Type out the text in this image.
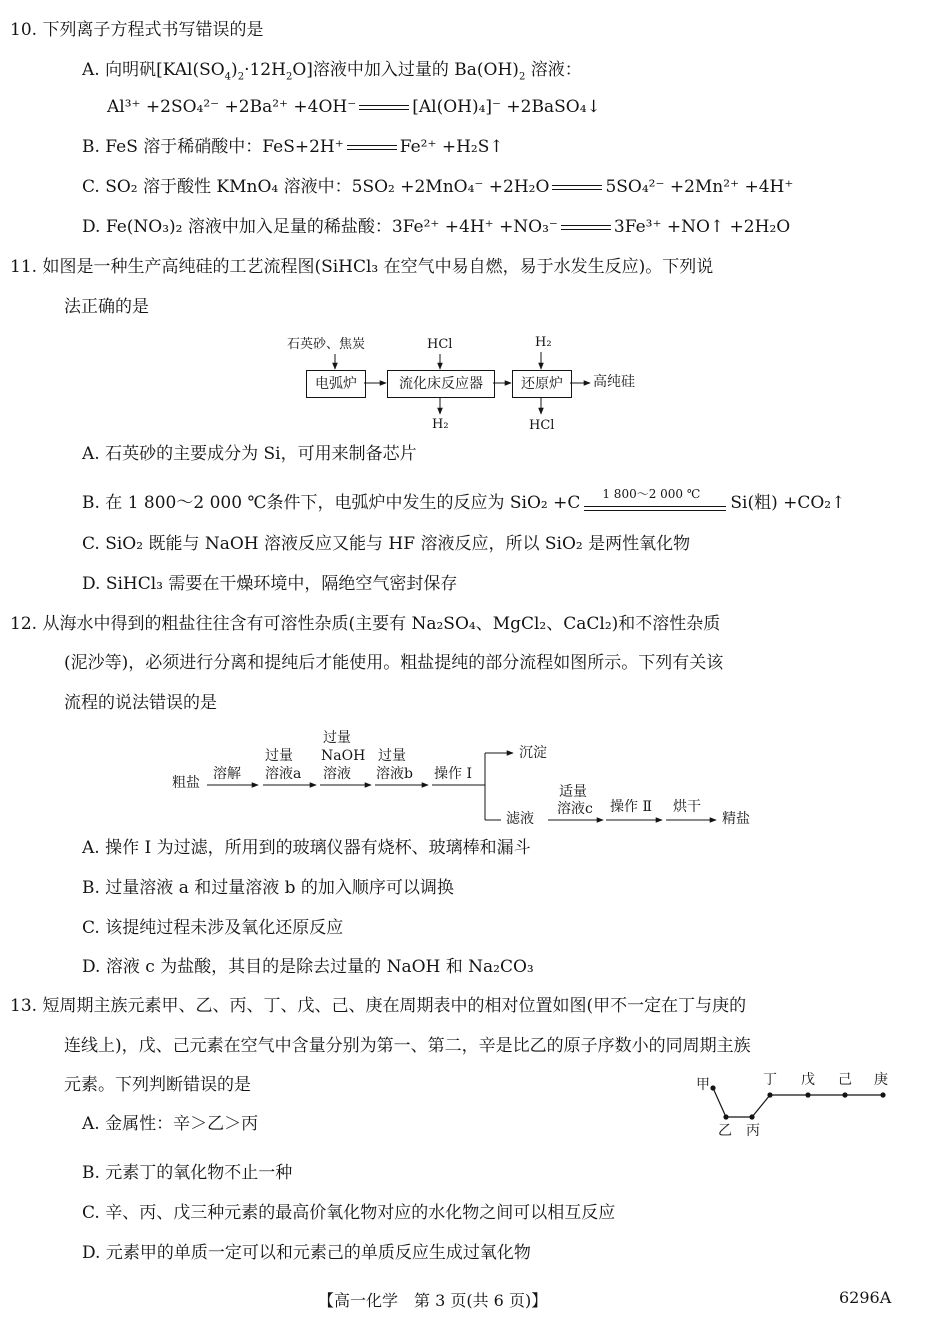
10. 下列离子方程式书写错误的是
A. 向明矾$[KAl(SO_4)_2\cdot 12H_2O]$溶液中加入过量的 $Ba(OH)_2$ 溶液：
Al³⁺ +2SO₄²⁻ +2Ba²⁺ +4OH⁻	[Al(OH)₄]⁻ +2BaSO₄↓
B. FeS 溶于稀硝酸中：FeS+2H⁺	Fe²⁺ +H₂S↑
C. SO₂ 溶于酸性 KMnO₄ 溶液中：5SO₂ +2MnO₄⁻ +2H₂O	5SO₄²⁻ +2Mn²⁺ +4H⁺
D. Fe(NO₃)₂ 溶液中加入足量的稀盐酸：3Fe²⁺ +4H⁺ +NO₃⁻	3Fe³⁺ +NO↑ +2H₂O
11. 如图是一种生产高纯硅的工艺流程图(SiHCl₃ 在空气中易自燃，易于水发生反应)。下列说
法正确的是
石英砂、焦炭	HCl	H₂
电弧炉	流化床反应器	还原炉	高纯硅
H₂	HCl
A. 石英砂的主要成分为 Si，可用来制备芯片
B. 在 1 800～2 000 ℃条件下，电弧炉中发生的反应为 SiO₂ +C 1 800～2 000 ℃ Si(粗) +CO₂↑
C. SiO₂ 既能与 NaOH 溶液反应又能与 HF 溶液反应，所以 SiO₂ 是两性氧化物
D. SiHCl₃ 需要在干燥环境中，隔绝空气密封保存
12. 从海水中得到的粗盐往往含有可溶性杂质(主要有 Na₂SO₄、MgCl₂、CaCl₂)和不溶性杂质
(泥沙等)，必须进行分离和提纯后才能使用。粗盐提纯的部分流程如图所示。下列有关该
流程的说法错误的是
粗盐
溶解
过量
溶液a
过量
NaOH
溶液
过量
溶液b 操作 Ⅰ
沉淀
滤液
适量
溶液c 操作 Ⅱ 烘干
精盐
A. 操作 Ⅰ 为过滤，所用到的玻璃仪器有烧杯、玻璃棒和漏斗
B. 过量溶液 a 和过量溶液 b 的加入顺序可以调换
C. 该提纯过程未涉及氧化还原反应
D. 溶液 c 为盐酸，其目的是除去过量的 NaOH 和 Na₂CO₃
13. 短周期主族元素甲、乙、丙、丁、戊、己、庚在周期表中的相对位置如图(甲不一定在丁与庚的
连线上)，戊、己元素在空气中含量分别为第一、第二，辛是比乙的原子序数小的同周期主族
元素。下列判断错误的是	甲
乙 丙
丁 戊 己 庚
A. 金属性：辛＞乙＞丙
B. 元素丁的氧化物不止一种
C. 辛、丙、戊三种元素的最高价氧化物对应的水化物之间可以相互反应
D. 元素甲的单质一定可以和元素己的单质反应生成过氧化物
【高一化学　第 3 页(共 6 页)】	6296A
